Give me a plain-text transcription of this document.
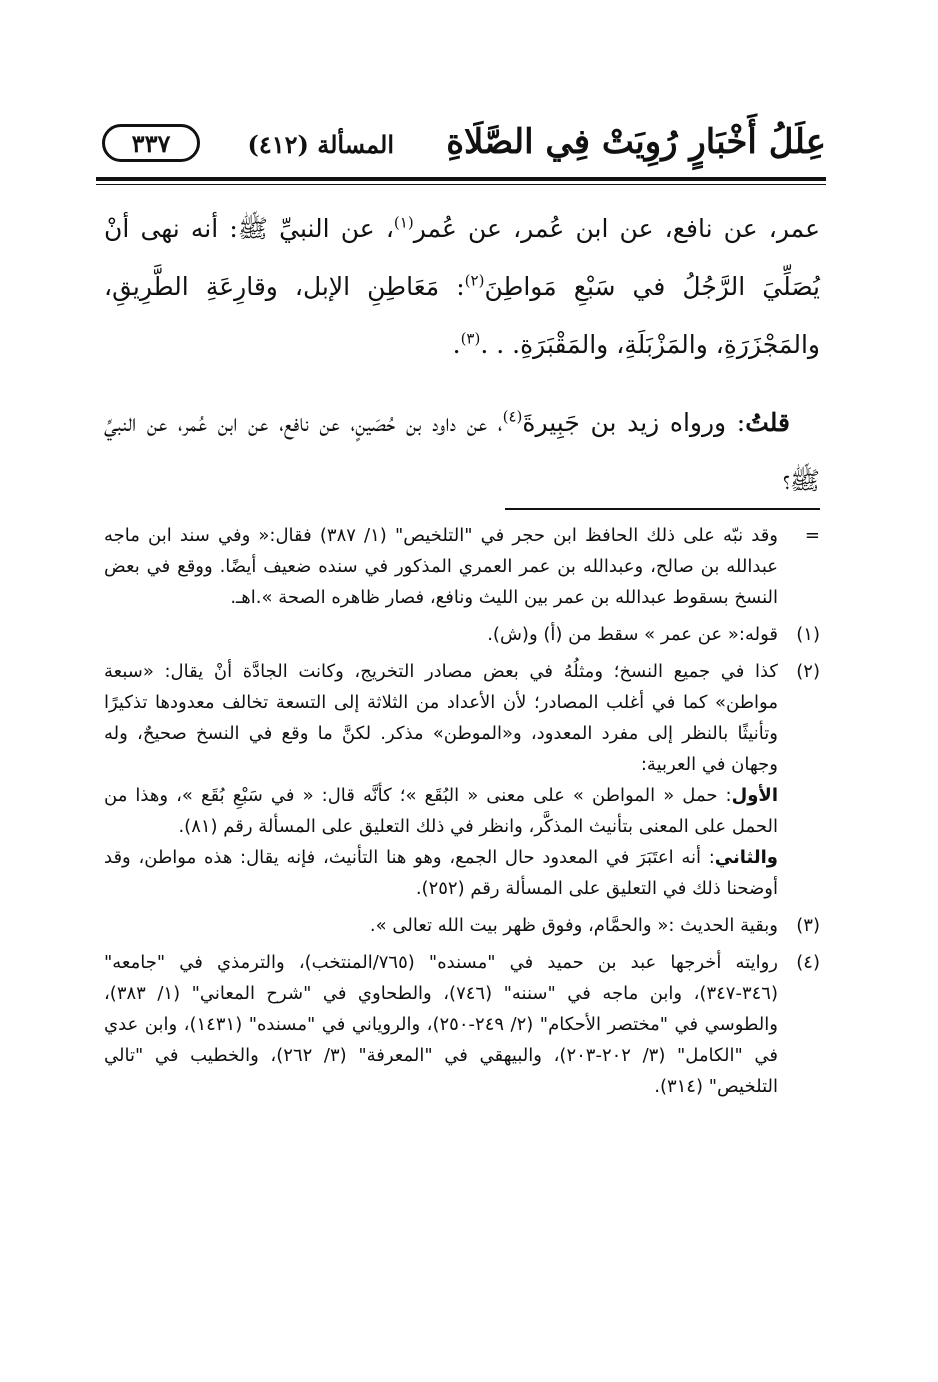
عِلَلُ أَخْبَارٍ رُوِيَتْ فِي الصَّلَاةِ
المسألة (٤١٢)
٣٣٧

عمر، عن نافع، عن ابن عُمر، عن عُمر$^{(١)}$، عن النبيِّ ﷺ: أنه نهى أنْ يُصَلِّيَ الرَّجُلُ في سَبْعِ مَواطِنَ$^{(٢)}$: مَعَاطِنِ الإبل، وقارِعَةِ الطَّرِيقِ، والمَجْزَرَةِ، والمَزْبَلَةِ، والمَقْبَرَةِ. . .$^{(٣)}$.

قلتُ: ورواه زيد بن جَبِيرةَ$^{(٤)}$، عن داود بن حُصَينٍ، عن نافع، عن ابن عُمر، عن النبيِّ ﷺ؟

=

وقد نبّه على ذلك الحافظ ابن حجر في "التلخيص" (١/ ٣٨٧) فقال:« وفي سند ابن ماجه عبدالله بن صالح، وعبدالله بن عمر العمري المذكور في سنده ضعيف أيضًا. ووقع في بعض النسخ بسقوط عبدالله بن عمر بين الليث ونافع، فصار ظاهره الصحة ».اهـ.

(١)

قوله:« عن عمر » سقط من (أ) و(ش).

(٢)

كذا في جميع النسخ؛ ومثلُهُ في بعض مصادر التخريج، وكانت الجادَّة أنْ يقال: «سبعة مواطن» كما في أغلب المصادر؛ لأن الأعداد من الثلاثة إلى التسعة تخالف معدودها تذكيرًا وتأنيثًا بالنظر إلى مفرد المعدود، و«الموطن» مذكر. لكنَّ ما وقع في النسخ صحيحٌ، وله وجهان في العربية:

الأول: حمل « المواطن » على معنى « البُقَع »؛ كأنَّه قال: « في سَبْعِ بُقَع »، وهذا من الحمل على المعنى بتأنيث المذكَّر، وانظر في ذلك التعليق على المسألة رقم (٨١).

والثاني: أنه اعتَبَرَ في المعدود حال الجمع، وهو هنا التأنيث، فإنه يقال: هذه مواطن، وقد أوضحنا ذلك في التعليق على المسألة رقم (٢٥٢).

(٣)

وبقية الحديث :« والحمَّام، وفوق ظهر بيت الله تعالى ».

(٤)

روايته أخرجها عبد بن حميد في "مسنده" (٧٦٥/المنتخب)، والترمذي في "جامعه" (٣٤٦-٣٤٧)، وابن ماجه في "سننه" (٧٤٦)، والطحاوي في "شرح المعاني" (١/ ٣٨٣)، والطوسي في "مختصر الأحكام" (٢/ ٢٤٩-٢٥٠)، والروياني في "مسنده" (١٤٣١)، وابن عدي في "الكامل" (٣/ ٢٠٢-٢٠٣)، والبيهقي في "المعرفة" (٣/ ٢٦٢)، والخطيب في "تالي التلخيص" (٣١٤).
